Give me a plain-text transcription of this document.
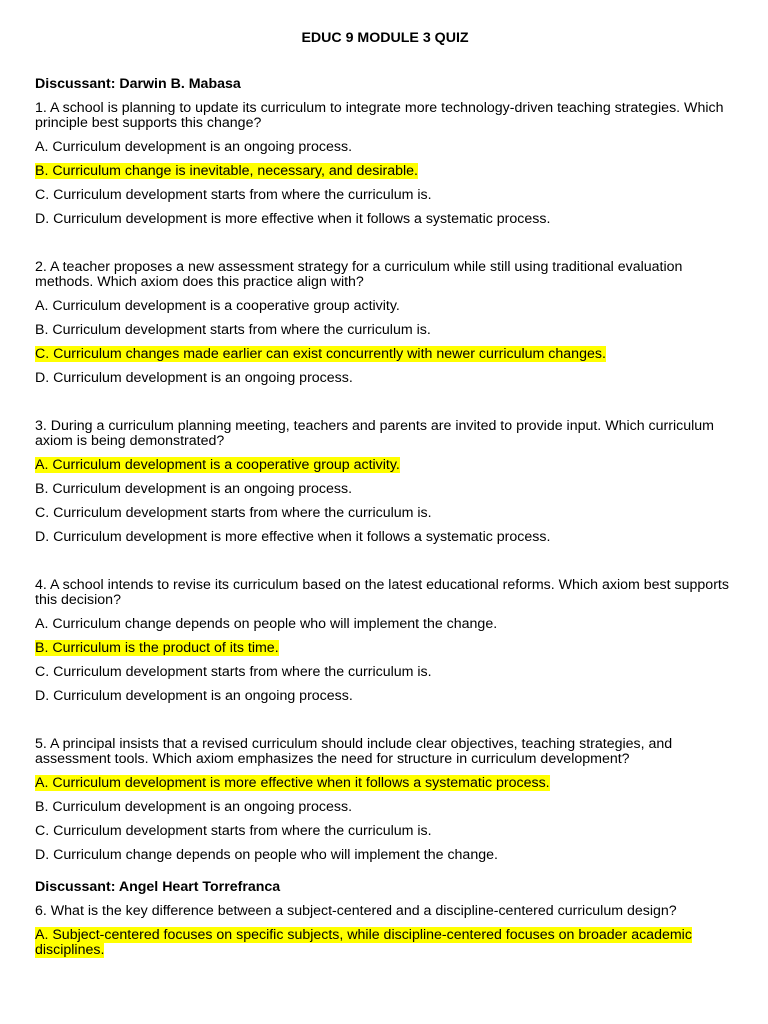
EDUC 9 MODULE 3 QUIZ
Discussant: Darwin B. Mabasa
1. A school is planning to update its curriculum to integrate more technology-driven teaching strategies. Which principle best supports this change?
A. Curriculum development is an ongoing process.
B. Curriculum change is inevitable, necessary, and desirable.
C. Curriculum development starts from where the curriculum is.
D. Curriculum development is more effective when it follows a systematic process.
2. A teacher proposes a new assessment strategy for a curriculum while still using traditional evaluation methods. Which axiom does this practice align with?
A. Curriculum development is a cooperative group activity.
B. Curriculum development starts from where the curriculum is.
C. Curriculum changes made earlier can exist concurrently with newer curriculum changes.
D. Curriculum development is an ongoing process.
3. During a curriculum planning meeting, teachers and parents are invited to provide input. Which curriculum axiom is being demonstrated?
A. Curriculum development is a cooperative group activity.
B. Curriculum development is an ongoing process.
C. Curriculum development starts from where the curriculum is.
D. Curriculum development is more effective when it follows a systematic process.
4. A school intends to revise its curriculum based on the latest educational reforms. Which axiom best supports this decision?
A. Curriculum change depends on people who will implement the change.
B. Curriculum is the product of its time.
C. Curriculum development starts from where the curriculum is.
D. Curriculum development is an ongoing process.
5. A principal insists that a revised curriculum should include clear objectives, teaching strategies, and assessment tools. Which axiom emphasizes the need for structure in curriculum development?
A. Curriculum development is more effective when it follows a systematic process.
B. Curriculum development is an ongoing process.
C. Curriculum development starts from where the curriculum is.
D. Curriculum change depends on people who will implement the change.
Discussant: Angel Heart Torrefranca
6. What is the key difference between a subject-centered and a discipline-centered curriculum design?
A. Subject-centered focuses on specific subjects, while discipline-centered focuses on broader academic disciplines.
